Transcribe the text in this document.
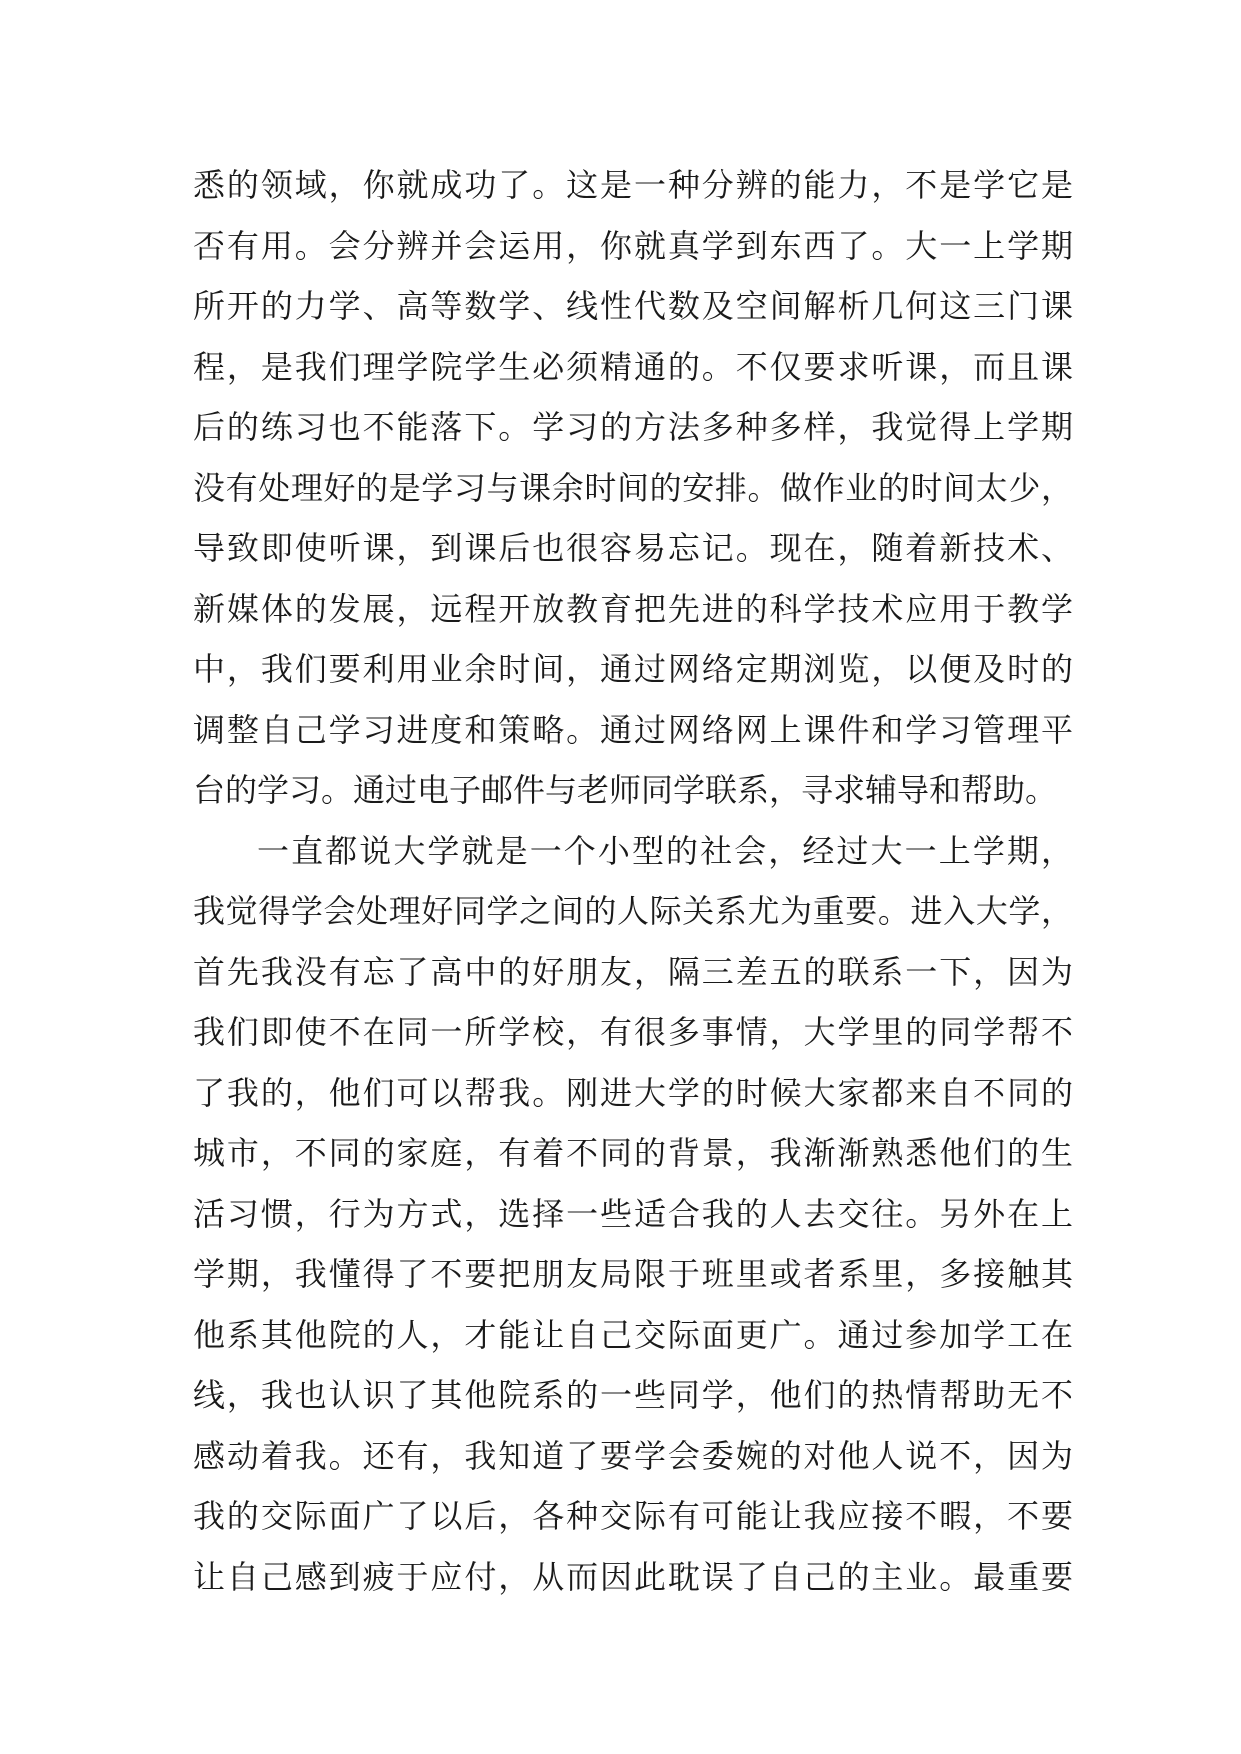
悉的领域，你就成功了。这是一种分辨的能力，不是学它是
否有用。会分辨并会运用，你就真学到东西了。大一上学期
所开的力学、高等数学、线性代数及空间解析几何这三门课
程，是我们理学院学生必须精通的。不仅要求听课，而且课
后的练习也不能落下。学习的方法多种多样，我觉得上学期
没有处理好的是学习与课余时间的安排。做作业的时间太少，
导致即使听课，到课后也很容易忘记。现在，随着新技术、
新媒体的发展，远程开放教育把先进的科学技术应用于教学
中，我们要利用业余时间，通过网络定期浏览，以便及时的
调整自己学习进度和策略。通过网络网上课件和学习管理平
台的学习。通过电子邮件与老师同学联系，寻求辅导和帮助。
一直都说大学就是一个小型的社会，经过大一上学期，
我觉得学会处理好同学之间的人际关系尤为重要。进入大学，
首先我没有忘了高中的好朋友，隔三差五的联系一下，因为
我们即使不在同一所学校，有很多事情，大学里的同学帮不
了我的，他们可以帮我。刚进大学的时候大家都来自不同的
城市，不同的家庭，有着不同的背景，我渐渐熟悉他们的生
活习惯，行为方式，选择一些适合我的人去交往。另外在上
学期，我懂得了不要把朋友局限于班里或者系里，多接触其
他系其他院的人，才能让自己交际面更广。通过参加学工在
线，我也认识了其他院系的一些同学，他们的热情帮助无不
感动着我。还有，我知道了要学会委婉的对他人说不，因为
我的交际面广了以后，各种交际有可能让我应接不暇，不要
让自己感到疲于应付，从而因此耽误了自己的主业。最重要
